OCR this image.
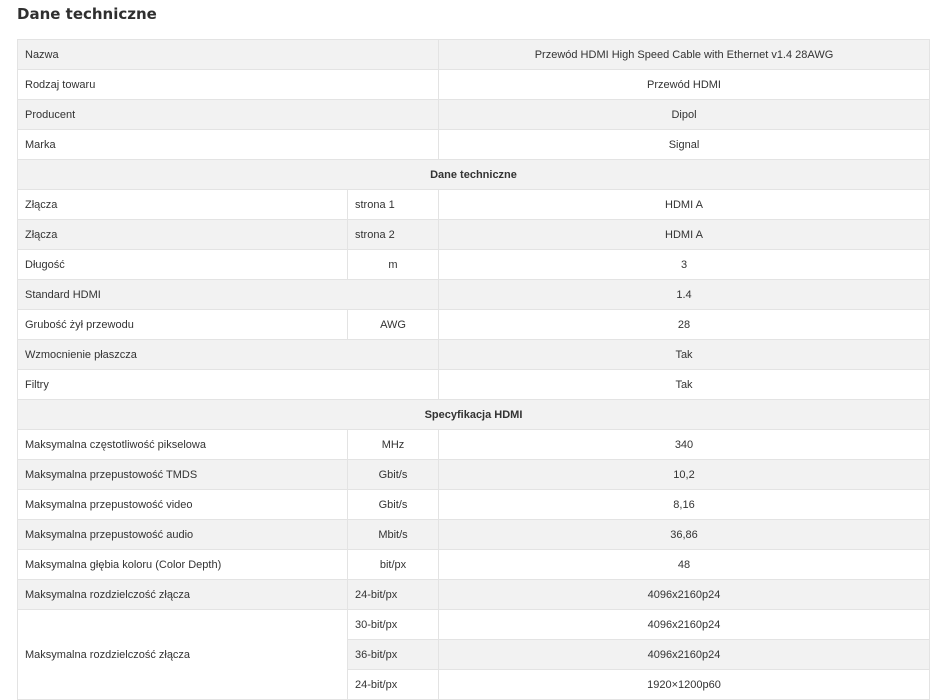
Dane techniczne
Nazwa		Przewód HDMI High Speed Cable with Ethernet v1.4 28AWG
Rodzaj towaru		Przewód HDMI
Producent		Dipol
Marka		Signal
Dane techniczne		
Złącza	strona 1	HDMI A
Złącza	strona 2	HDMI A
Długość	m	3
Standard HDMI		1.4
Grubość żył przewodu	AWG	28
Wzmocnienie płaszcza		Tak
Filtry		Tak
Specyfikacja HDMI		
Maksymalna częstotliwość pikselowa	MHz	340
Maksymalna przepustowość TMDS	Gbit/s	10,2
Maksymalna przepustowość video	Gbit/s	8,16
Maksymalna przepustowość audio	Mbit/s	36,86
Maksymalna głębia koloru (Color Depth)	bit/px	48
Maksymalna rozdzielczość złącza	24-bit/px	4096x2160p24
Maksymalna rozdzielczość złącza	30-bit/px	4096x2160p24
	36-bit/px	4096x2160p24
	24-bit/px	1920×1200p60
